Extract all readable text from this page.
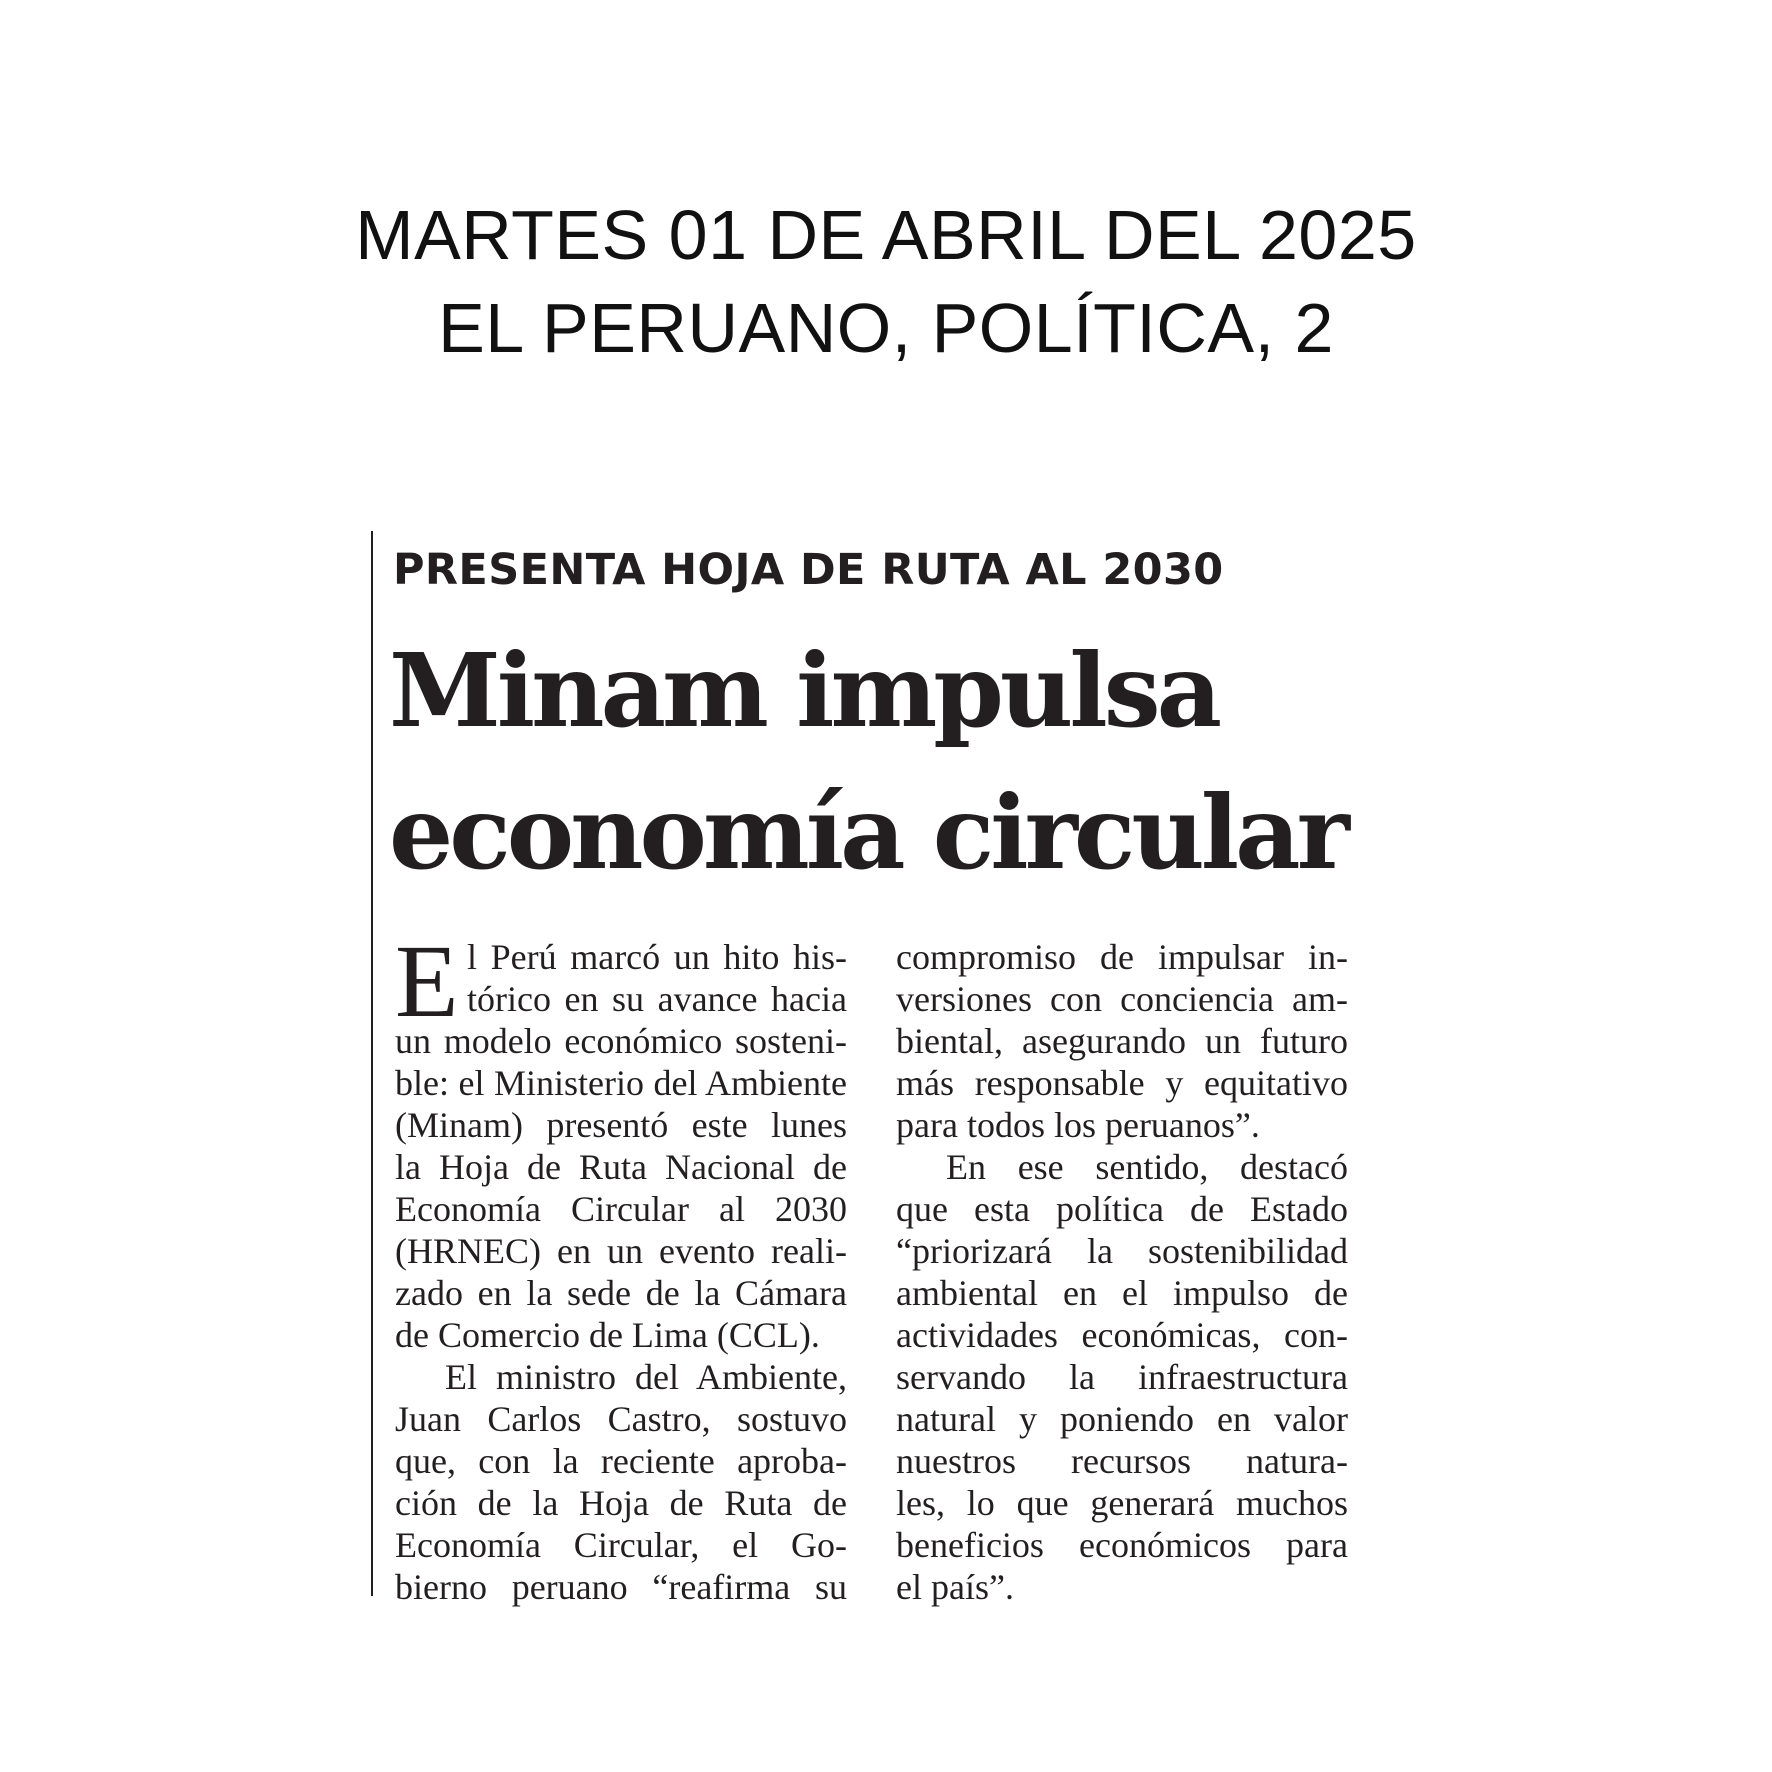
MARTES 01 DE ABRIL DEL 2025
EL PERUANO, POLÍTICA, 2
PRESENTA HOJA DE RUTA AL 2030
Minam impulsa
economía circular
E l Perú marcó un hito his-
tórico en su avance hacia
un modelo económico sosteni-
ble: el Ministerio del Ambiente
(Minam) presentó este lunes
la Hoja de Ruta Nacional de
Economía Circular al 2030
(HRNEC) en un evento reali-
zado en la sede de la Cámara
de Comercio de Lima (CCL).
El ministro del Ambiente,
Juan Carlos Castro, sostuvo
que, con la reciente aproba-
ción de la Hoja de Ruta de
Economía Circular, el Go-
bierno peruano “reafirma su
compromiso de impulsar in-
versiones con conciencia am-
biental, asegurando un futuro
más responsable y equitativo
para todos los peruanos”.
En ese sentido, destacó
que esta política de Estado
“priorizará la sostenibilidad
ambiental en el impulso de
actividades económicas, con-
servando la infraestructura
natural y poniendo en valor
nuestros recursos natura-
les, lo que generará muchos
beneficios económicos para
el país”.
